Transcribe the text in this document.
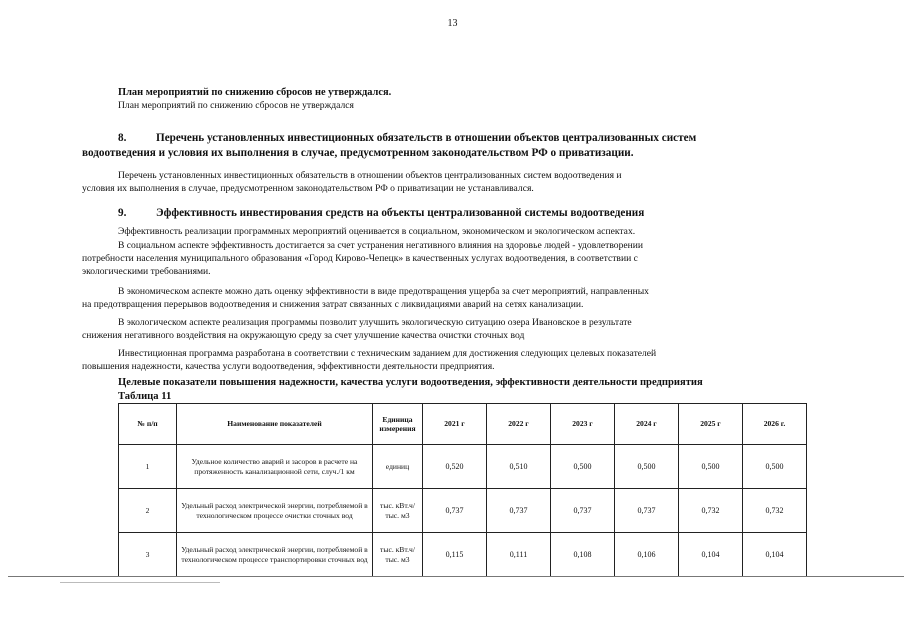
13
План мероприятий по снижению сбросов не утверждался.
План мероприятий по снижению сбросов не утверждался
8.	Перечень установленных инвестиционных обязательств в отношении объектов централизованных систем
водоотведения и условия их выполнения в случае, предусмотренном законодательством РФ о приватизации.
Перечень установленных инвестиционных обязательств в отношении объектов централизованных систем водоотведения и
условия их выполнения в случае, предусмотренном законодательством РФ о приватизации не устанавливался.
9.	Эффективность инвестирования средств на объекты централизованной системы водоотведения
Эффективность реализации программных мероприятий оценивается в социальном, экономическом и экологическом аспектах.
В социальном аспекте эффективность достигается за счет устранения негативного влияния на здоровье людей - удовлетворении
потребности населения муниципального образования «Город Кирово-Чепецк» в качественных услугах водоотведения, в соответствии с
экологическими требованиями.
В экономическом аспекте можно дать оценку эффективности в виде предотвращения ущерба за счет мероприятий, направленных
на предотвращения перерывов водоотведения и снижения затрат связанных с ликвидациями аварий на сетях канализации.
В экологическом аспекте реализация программы позволит улучшить экологическую ситуацию озера Ивановское в результате
снижения негативного воздействия на окружающую среду за счет улучшение качества очистки сточных вод
Инвестиционная программа разработана в соответствии с техническим заданием для достижения следующих целевых показателей
повышения надежности, качества услуги водоотведения, эффективности деятельности предприятия.
Целевые показатели повышения надежности, качества услуги водоотведения, эффективности деятельности предприятия
Таблица 11
№ п/п	Наименование показателей	Единица
измерения	2021 г	2022 г	2023 г	2024 г	2025 г	2026 г.
1	Удельное количество аварий и засоров в расчете на протяженность канализационной сети, случ./1 км	единиц	0,520	0,510	0,500	0,500	0,500	0,500
2	Удельный расход электрической энергии, потребляемой в технологическом процессе очистки сточных вод	тыс. кВт.ч/тыс. м3	0,737	0,737	0,737	0,737	0,732	0,732
3	Удельный расход электрической энергии, потребляемой в технологическом процессе транспортировки сточных вод	тыс. кВт.ч/тыс. м3	0,115	0,111	0,108	0,106	0,104	0,104
